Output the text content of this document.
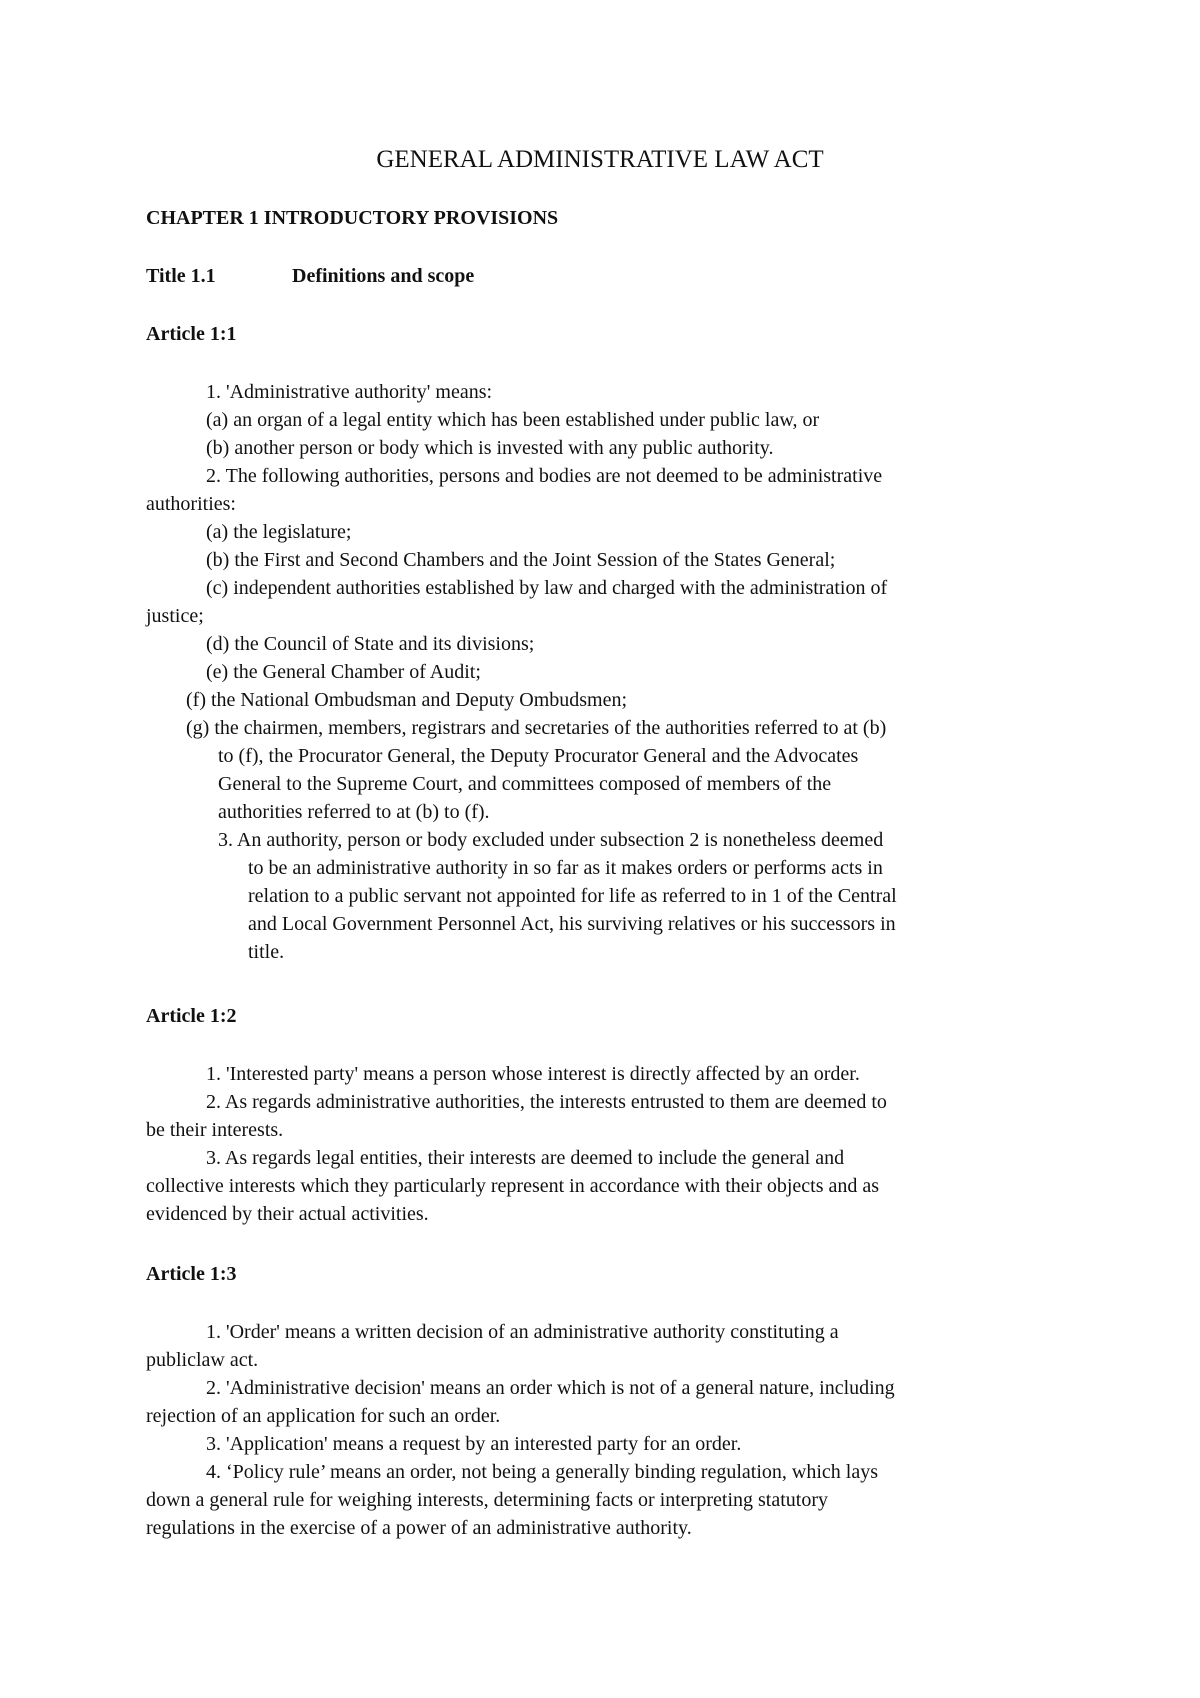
GENERAL ADMINISTRATIVE LAW ACT
CHAPTER 1 INTRODUCTORY PROVISIONS
Title 1.1	Definitions and scope
Article 1:1
1. 'Administrative authority' means:
(a) an organ of a legal entity which has been established under public law, or
(b) another person or body which is invested with any public authority.
2. The following authorities, persons and bodies are not deemed to be administrative
authorities:
(a) the legislature;
(b) the First and Second Chambers and the Joint Session of the States General;
(c) independent authorities established by law and charged with the administration of
justice;
(d) the Council of State and its divisions;
(e) the General Chamber of Audit;
(f) the National Ombudsman and Deputy Ombudsmen;
(g) the chairmen, members, registrars and secretaries of the authorities referred to at (b)
to (f), the Procurator General, the Deputy Procurator General and the Advocates
General to the Supreme Court, and committees composed of members of the
authorities referred to at (b) to (f).
3. An authority, person or body excluded under subsection 2 is nonetheless deemed
to be an administrative authority in so far as it makes orders or performs acts in
relation to a public servant not appointed for life as referred to in 1 of the Central
and Local Government Personnel Act, his surviving relatives or his successors in
title.
Article 1:2
1. 'Interested party' means a person whose interest is directly affected by an order.
2. As regards administrative authorities, the interests entrusted to them are deemed to
be their interests.
3. As regards legal entities, their interests are deemed to include the general and
collective interests which they particularly represent in accordance with their objects and as
evidenced by their actual activities.
Article 1:3
1. 'Order' means a written decision of an administrative authority constituting a
publiclaw act.
2. 'Administrative decision' means an order which is not of a general nature, including
rejection of an application for such an order.
3. 'Application' means a request by an interested party for an order.
4. ‘Policy rule’ means an order, not being a generally binding regulation, which lays
down a general rule for weighing interests, determining facts or interpreting statutory
regulations in the exercise of a power of an administrative authority.
